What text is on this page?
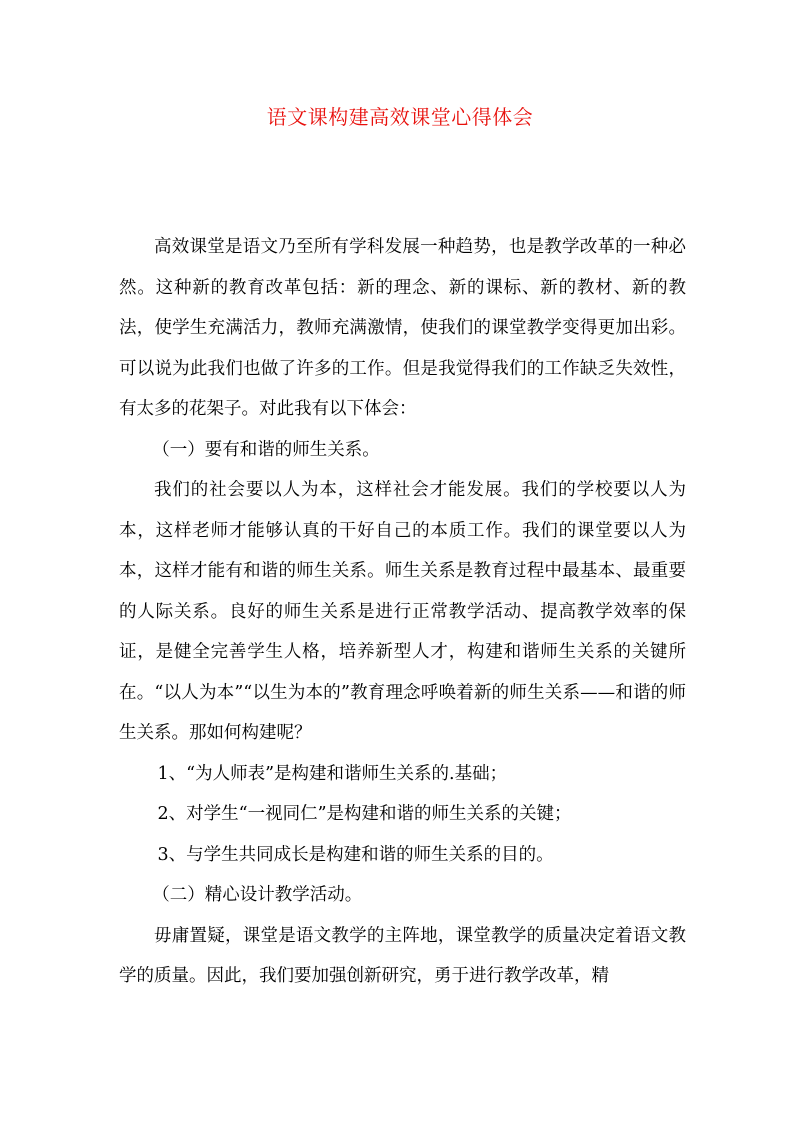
语文课构建高效课堂心得体会

高效课堂是语文乃至所有学科发展一种趋势，也是教学改革的一种必然。这种新的教育改革包括：新的理念、新的课标、新的教材、新的教法，使学生充满活力，教师充满激情，使我们的课堂教学变得更加出彩。可以说为此我们也做了许多的工作。但是我觉得我们的工作缺乏失效性，有太多的花架子。对此我有以下体会：

（一）要有和谐的师生关系。

我们的社会要以人为本，这样社会才能发展。我们的学校要以人为本，这样老师才能够认真的干好自己的本质工作。我们的课堂要以人为本，这样才能有和谐的师生关系。师生关系是教育过程中最基本、最重要的人际关系。良好的师生关系是进行正常教学活动、提高教学效率的保证，是健全完善学生人格，培养新型人才，构建和谐师生关系的关键所在。“以人为本”“以生为本的”教育理念呼唤着新的师生关系——和谐的师生关系。那如何构建呢？

1、“为人师表”是构建和谐师生关系的.基础；

2、对学生“一视同仁”是构建和谐的师生关系的关键；

3、与学生共同成长是构建和谐的师生关系的目的。

（二）精心设计教学活动。

毋庸置疑，课堂是语文教学的主阵地，课堂教学的质量决定着语文教学的质量。因此，我们要加强创新研究，勇于进行教学改革，精
